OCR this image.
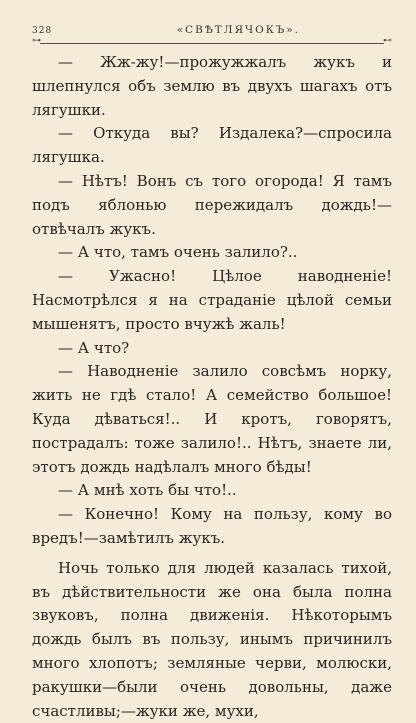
328	«СВѢТЛЯЧОКЪ».
⊶	⊷

— Жж-жу!—прожужжалъ жукъ и шлепнулся объ землю въ двухъ шагахъ отъ лягушки.

— Откуда вы? Издалека?—спросила лягушка.

— Нѣтъ! Вонъ съ того огорода! Я тамъ подъ яблонью пережидалъ дождь!—отвѣчалъ жукъ.

— А что, тамъ очень залило?..

— Ужасно! Цѣлое наводненіе! Насмотрѣлся я на страданіе цѣлой семьи мышенятъ, просто вчужѣ жаль!

— А что?

— Наводненіе залило совсѣмъ норку, жить не гдѣ стало! А семейство большое! Куда дѣваться!.. И кротъ, говорятъ, пострадалъ: тоже залило!.. Нѣтъ, знаете ли, этотъ дождь надѣлалъ много бѣды!

— А мнѣ хоть бы что!..

— Конечно! Кому на пользу, кому во вредъ!—замѣтилъ жукъ.

Ночь только для людей казалась тихой, въ дѣйствительности же она была полна звуковъ, полна движенія. Нѣкоторымъ дождь былъ въ пользу, инымъ причинилъ много хлопотъ; земляные черви, молюски, ракушки—были очень довольны, даже счастливы;—жуки же, мухи,
